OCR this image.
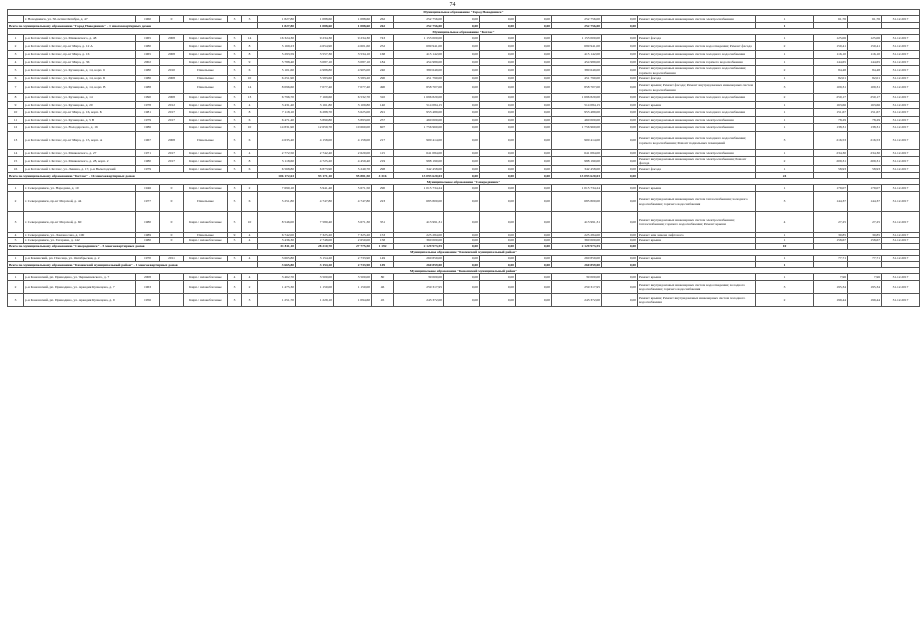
74
Муниципальное образование "Город Новодвинск"																					
	г. Новодвинск, ул. 50-летия Октября, д. 47	1960	0	Кирп./ шлакоблочные	3	3	1 827,80	1 088,60	1 088,60	262	252 756,00	0,00	0,00	0,00	252 756,00	0,00	Ремонт внутридомовых инженерных систем электроснабжения	1	61,76	61,76	31.12.2017
Всего по муниципальному образованию "Город Новодвинск" - 1 многоквартирных домов							1 827,80	1 088,60	1 088,60	262	252 756,00	0,00	0,00	0,00	252 756,00	0,00		1			
Муниципальное образование "Котлас"																					
1	р-н Котласский г. Котлас, ул. Маяковского, д. 48	1965	2008	Кирп./ шлакоблочные	5	14	16 324,30	9 234,30	9 234,30	743	1 153 000,00	0,00	0,00	0,00	1 153 000,00	0,00	Ремонт фасада	1	125,06	125,06	31.12.2017
2	р-н Котласский г. Котлас, пр-кт Мира, д. 12 А	1980		Кирп./ шлакоблочные	5	8	5 169,23	4 654,90	4 601,60	252	699 941,00	0,00	0,00	0,00	699 941,00	0,00	Ремонт внутридомовых инженерных систем водоотведения; Ремонт фасада	2	150,41	150,41	31.12.2017
3	р-н Котласский г. Котлас, пр-кт Мира, д. 16	1965	2008	Кирп./ шлакоблочные	5	8	5 293,59	3 557,30	3 534,10	168	415 142,00	0,00	0,00	0,00	415 142,00	0,00	Ремонт внутридомовых инженерных систем холодного водоснабжения	1	116,10	116,10	31.12.2017
4	р-н Котласский г. Котлас, пр-кт Мира, д. 36	2002		Кирп./ шлакоблочные	5	9	5 788,40	3 087,10	3 087,10	184	454 989,00	0,00	0,00	0,00	454 989,00	0,00	Ремонт внутридомовых инженерных систем горячего водоснабжения	1	144,65	144,65	31.12.2017
5	р-н Котласский г. Котлас, ул. Кузнецова, д. 14, корп. 6	1980	2010	Панельные	5	6	5 101,60	4 988,80	4 905,00	240	380 649,00	0,00	0,00	0,00	380 649,00	0,00	Ремонт внутридомовых инженерных систем холодного водоснабжения; горячего водоснабжения	2	84,48	84,48	31.12.2017
6	р-н Котласский г. Котлас, ул. Кузнецова, д. 14, корп. Б	1986	2008	Панельные	5	10	6 251,90	5 583,60	5 583,20	290	451 790,00	0,00	0,00	0,00	451 790,00	0,00	Ремонт фасада	1	82,01	82,01	31.12.2017
7	р-н Котласский г. Котлас, ул. Кузнецова, д. 14, корп. В	1988		Панельные	5	14	8 096,60	7 077,40	7 077,40	490	858 707,00	0,00	0,00	0,00	858 707,00	0,00	Ремонт крыши; Ремонт фасада; Ремонт внутридомовых инженерных систем горячего водоснабжения	3	109,31	109,31	31.12.2017
8	р-н Котласский г. Котлас, ул. Кузнецова, д. 14	1990	2008	Кирп./ шлакоблочные	5	13	6 796,70	7 169,60	6 532,70	310	1 696 820,00	0,00	0,00	0,00	1 696 820,00	0,00	Ремонт внутридомовых инженерных систем холодного водоснабжения	2	250,17	250,17	31.12.2017
9	р-н Котласский г. Котлас, ул. Кузнецова, д. 20	1978	2012	Кирп./ шлакоблочные	5	4	3 431,40	3 161,80	3 109,80	140	514 084,15	0,00	0,00	0,00	514 084,15	0,00	Ремонт крыши	1	163,66	163,66	31.12.2017
10	р-н Котласский г. Котлас, пр-кт Мира, д. 16, корп. Б	1981	2017	Кирп./ шлакоблочные	5	8	7 118,10	6 288,70	5 625,00	291	953 489,00	0,00	0,00	0,00	953 489,00	0,00	Ремонт внутридомовых инженерных систем холодного водоснабжения	1	151,67	151,67	31.12.2017
11	р-н Котласский г. Котлас, ул. Кузнецова, д. 5 В	1979	2017	Кирп./ шлакоблочные	5	6	6 471,40	5 890,80	5 893,00	257	460 000,00	0,00	0,00	0,00	460 000,00	0,00	Ремонт внутридомовых инженерных систем электроснабжения	1	78,29	78,29	31.12.2017
12	р-н Котласский г. Котлас, ул. Володарского, д. 16	1986		Кирп./ шлакоблочные	5	10	14 831,90	12 659,70	10 660,00	607	1 756 960,00	0,00	0,00	0,00	1 756 960,00	0,00	Ремонт внутридомовых инженерных систем электроснабжения	1	138,31	138,31	31.12.2017
13	р-н Котласский г. Котлас, пр-кт Мира, д. 15, корп. А	1967	2008	Панельные	5	6	4 635,40	4 158,00	4 158,00	217	900 414,00	0,00	0,00	0,00	900 414,00	0,00	Ремонт внутридомовых инженерных систем холодного водоснабжения; горячего водоснабжения; Ремонт подвальных помещений	3	216,53	216,53	31.12.2017
14	р-н Котласский г. Котлас, ул. Маяковского, д. 27	1971	2017	Кирп./ шлакоблочные	5	4	2 772,50	2 742,40	2 620,00	115	641 084,00	0,00	0,00	0,00	641 084,00	0,00	Ремонт внутридомовых инженерных систем электроснабжения	1	234,30	234,30	31.12.2017
15	р-н Котласский г. Котлас, ул. Маяковского, д. 28, корп. 2	1980	2017	Кирп./ шлакоблочные	5	8	5 118,60	4 725,20	4 459,40	219	988 190,00	0,00	0,00	0,00	988 190,00	0,00	Ремонт внутридомовых инженерных систем электроснабжения; Ремонт фасада	2	209,31	209,31	31.12.2017
16	р-н Котласский г. Котлас, ул. Ленина, д. 17, р-н Вычегодский	1979		Кирп./ шлакоблочные	5	6	6 568,80	6 873,90	5 240,70	298	342 458,00	0,00	0,00	0,00	342 458,00	0,00	Ремонт фасада	1	58,93	58,93	31.12.2017
Всего по муниципальному образованию "Котлас" - 16 многоквартирных домов							106 172,63	93 171,10	95 881,50	4 316	13 093 620,03	0,00	0,00	0,00	13 093 620,03	0,00		24			
Муниципальное образование "Северодвинск"																					
1	г. Северодвинск, ул. Народная, д. 10	1946	0	Кирп./ шлакоблочные	3	2	7 690,10	5 941,40	5 671,50	290	1 015 734,24	0,00	0,00	0,00	1 015 734,24	0,00	Ремонт крыши	1	179,07	179,07	31.12.2017
2	г. Северодвинск, пр-кт Морской, д. 44	1977	0	Панельные	5	6	5 251,80	4 747,80	4 747,80	223	685 800,00	0,00	0,00	0,00	685 800,00	0,00	Ремонт внутридомовых инженерных систем теплоснабжения; холодного водоснабжения; горячего водоснабжения	3	144,37	144,37	31.12.2017
3	г. Северодвинск, пр-кт Морской, д. 60	1980	0	Кирп./ шлакоблочные	5	10	8 546,00	7 580,40	5 671,30	351	413 991,31	0,00	0,00	0,00	413 991,31	0,00	Ремонт внутридомовых инженерных систем электроснабжения; теплоснабжения; горячего водоснабжения; Ремонт крыши	4	27,25	27,25	31.12.2017
4	г. Северодвинск, ул. Ломоносова, д. 100	1989	0	Панельные	9	4	6 742,00	7 325,20	7 325,20	153	225 284,00	0,00	0,00	0,00	225 284,00	0,00	Ремонт или замена лифтового	1	30,85	30,85	31.12.2017
5	г. Северодвинск, ул. Гагарина, д. 142	1980	0	Кирп./ шлакоблочные	5	4	3 436,30	2 748,00	2 650,00	158	360 000,00	0,00	0,00	0,00	360 000,00	0,00	Ремонт крыши	1	158,67	158,67	31.12.2017
Всего по муниципальному образованию "Северодвинск" - 5 многоквартирных домов							31 811,10	28 210,70	27 775,50	1 192	2 129 973,55	0,00	0,00	0,00	2 129 973,55	0,00		10			
Муниципальное образование "Каменский муниципальный район"																					
1	р-н Каменский, рп. Плесецк, ул. Октябрьская, д. 2	1970	2011	Кирп./ шлакоблочные	5	4	3 665,80	3 154,20	2 733,90	149	260 859,00	0,00	0,00	0,00	260 859,00	0,00	Ремонт крыши	1	77,71	77,71	31.12.2017
Всего по муниципальному образованию "Каменский муниципальный район" - 1 многоквартирных домов							3 665,80	3 154,20	2 733,90	149	260 859,00	0,00	0,00	0,00	260 859,00	0,00		1			
Муниципальное образование "Коношский муниципальный район"																					
1	р-н Коношский, рп. Приводино, ул. Чернышевского, д. 7	2008		Кирп./ шлакоблочные	4	4	3 462,70	3 500,00	3 500,00	80	39 000,00	0,00	0,00	0,00	39 000,00	0,00	Ремонт крыши	1	7,96	7,96	31.12.2017
2	р-н Коношский, рп. Приводино, ул. Аркадия Кузнецова, д. 7	1963		Кирп./ шлакоблочные	3	2	1 475,30	1 150,00	1 150,00	46	259 317,95	0,00	0,00	0,00	259 317,95	0,00	Ремонт внутридомовых инженерных систем водоотведения; холодного водоснабжения; горячего водоснабжения	3	195,34	195,34	31.12.2017
3	р-н Коношский, рп. Приводино, ул. Аркадия Кузнецова, д. 9	1956		Кирп./ шлакоблочные	3	3	1 251,70	1 229,10	1 094,60	45	243 372,00	0,00	0,00	0,00	243 372,00	0,00	Ремонт крыши; Ремонт внутридомовых инженерных систем холодного водоснабжения	2	199,44	199,44	31.12.2017
